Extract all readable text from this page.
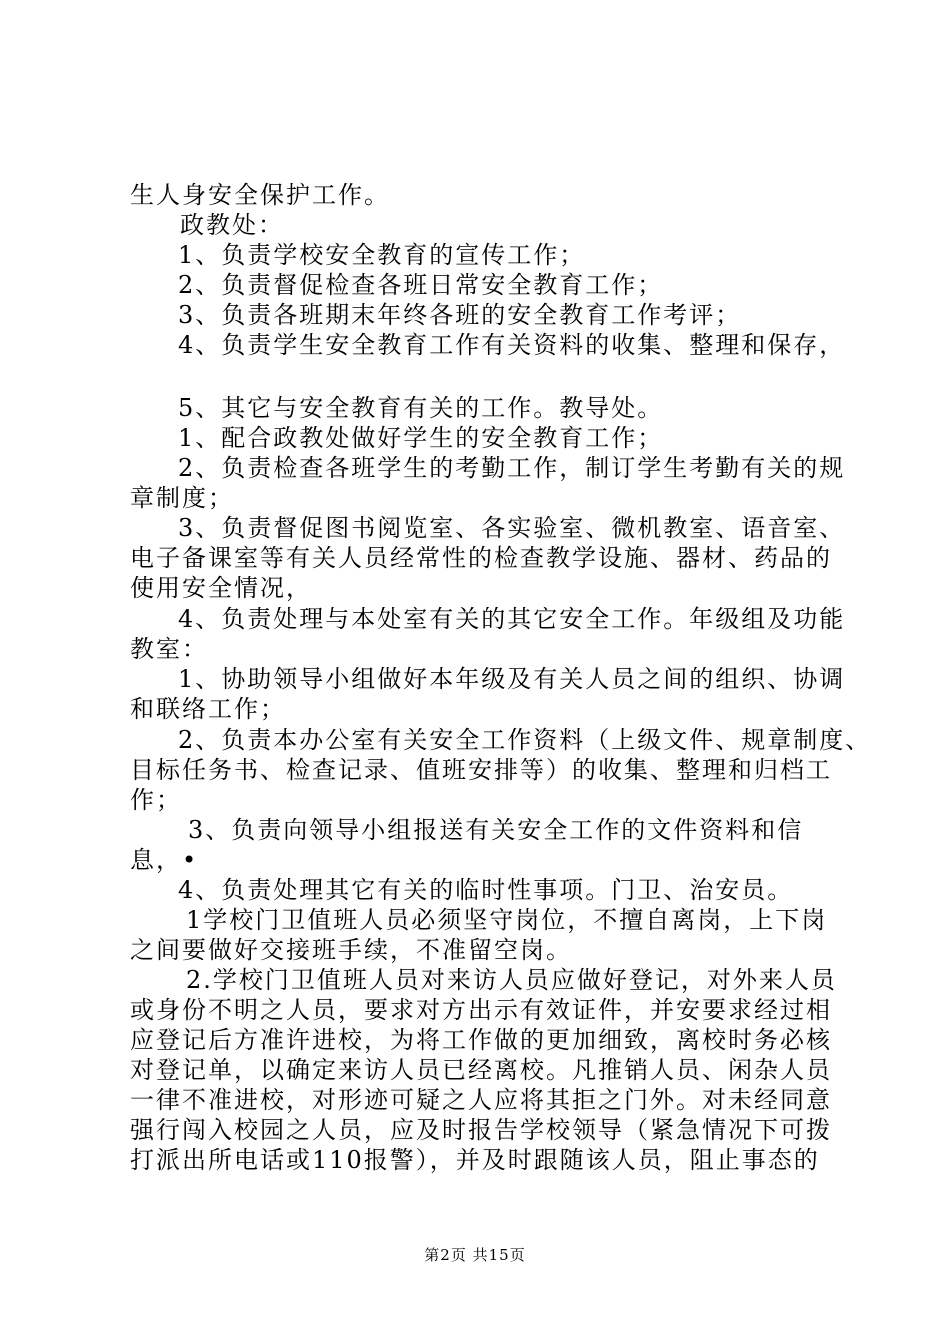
生人身安全保护工作。
政教处：
1、负责学校安全教育的宣传工作；
2、负责督促检查各班日常安全教育工作；
3、负责各班期末年终各班的安全教育工作考评；
4、负责学生安全教育工作有关资料的收集、整理和保存，
5、其它与安全教育有关的工作。教导处。
1、配合政教处做好学生的安全教育工作；
2、负责检查各班学生的考勤工作，制订学生考勤有关的规
章制度；
3、负责督促图书阅览室、各实验室、微机教室、语音室、
电子备课室等有关人员经常性的检查教学设施、器材、药品的
使用安全情况，
4、负责处理与本处室有关的其它安全工作。年级组及功能
教室：
1、协助领导小组做好本年级及有关人员之间的组织、协调
和联络工作；
2、负责本办公室有关安全工作资料（上级文件、规章制度、
目标任务书、检查记录、值班安排等）的收集、整理和归档工
作；
3、负责向领导小组报送有关安全工作的文件资料和信
息，•
4、负责处理其它有关的临时性事项。门卫、治安员。
1学校门卫值班人员必须坚守岗位，不擅自离岗，上下岗
之间要做好交接班手续，不准留空岗。
2.学校门卫值班人员对来访人员应做好登记，对外来人员
或身份不明之人员，要求对方出示有效证件，并安要求经过相
应登记后方准许进校，为将工作做的更加细致，离校时务必核
对登记单，以确定来访人员已经离校。凡推销人员、闲杂人员
一律不准进校，对形迹可疑之人应将其拒之门外。对未经同意
强行闯入校园之人员，应及时报告学校领导（紧急情况下可拨
打派出所电话或110报警），并及时跟随该人员，阻止事态的
第2页 共15页
